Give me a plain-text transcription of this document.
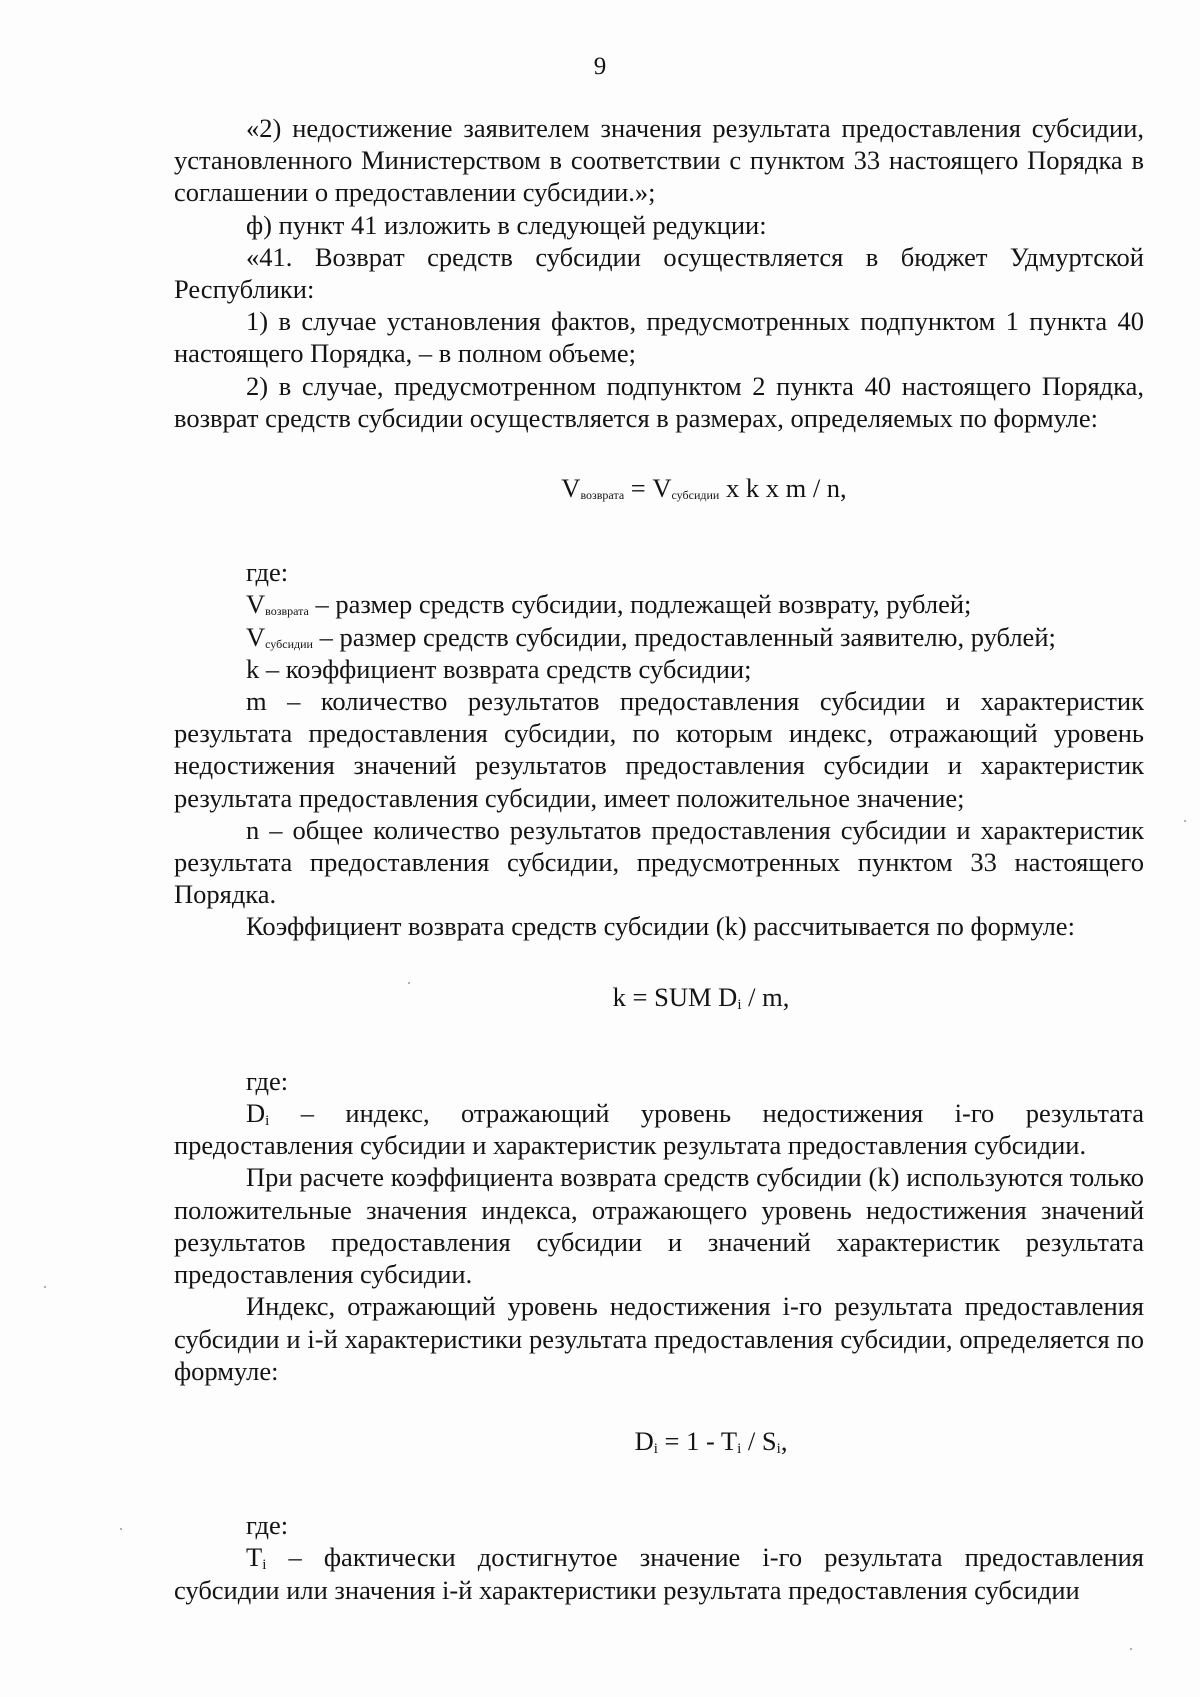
9

«2) недостижение заявителем значения результата предоставления субсидии, установленного Министерством в соответствии с пунктом 33 настоящего Порядка в соглашении о предоставлении субсидии.»;

ф) пункт 41 изложить в следующей редукции:

«41. Возврат средств субсидии осуществляется в бюджет Удмуртской Республики:

1) в случае установления фактов, предусмотренных подпунктом 1 пункта 40 настоящего Порядка, – в полном объеме;

2) в случае, предусмотренном подпунктом 2 пункта 40 настоящего Порядка, возврат средств субсидии осуществляется в размерах, определяемых по формуле:

$V_{возврата} = V_{субсидии}$ x k x m / n,

где:

$V_{возврата}$ – размер средств субсидии, подлежащей возврату, рублей;

$V_{субсидии}$ – размер средств субсидии, предоставленный заявителю, рублей;

k – коэффициент возврата средств субсидии;

m – количество результатов предоставления субсидии и характеристик результата предоставления субсидии, по которым индекс, отражающий уровень недостижения значений результатов предоставления субсидии и характеристик результата предоставления субсидии, имеет положительное значение;

n – общее количество результатов предоставления субсидии и характеристик результата предоставления субсидии, предусмотренных пунктом 33 настоящего Порядка.

Коэффициент возврата средств субсидии (k) рассчитывается по формуле:

k = SUM $D_i$ / m,

где:

$D_i$ – индекс, отражающий уровень недостижения i-го результата предоставления субсидии и характеристик результата предоставления субсидии.

При расчете коэффициента возврата средств субсидии (k) используются только положительные значения индекса, отражающего уровень недостижения значений результатов предоставления субсидии и значений характеристик результата предоставления субсидии.

Индекс, отражающий уровень недостижения i-го результата предоставления субсидии и i-й характеристики результата предоставления субсидии, определяется по формуле:

$D_i = 1 - T_i / S_i$,

где:

$T_i$ – фактически достигнутое значение i-го результата предоставления субсидии или значения i-й характеристики результата предоставления субсидии
